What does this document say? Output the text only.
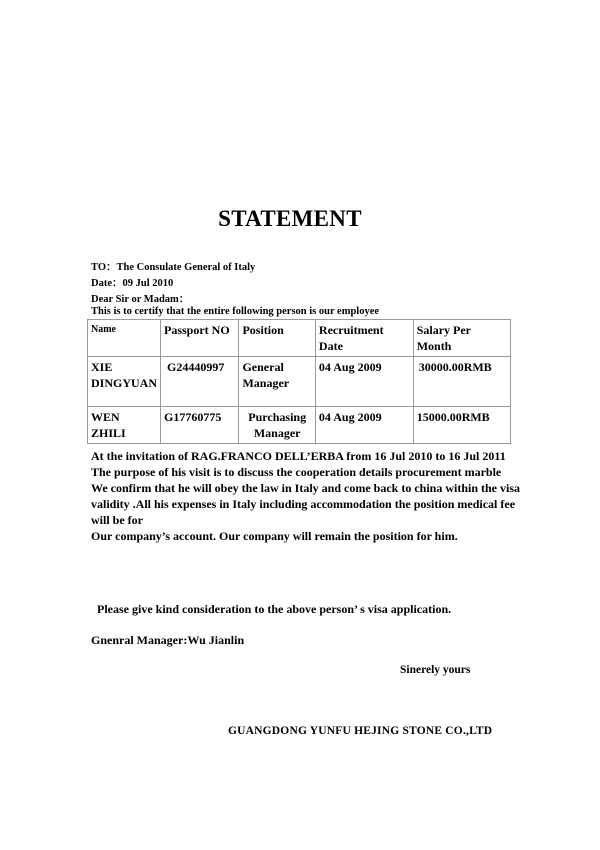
STATEMENT
TO：The Consulate General of Italy
Date：09 Jul 2010
Dear Sir or Madam：
This is to certify that the entire following person is our employee
Name	Passport NO	Position	Recruitment Date	Salary Per Month
XIE DINGYUAN	G24440997	General Manager	04 Aug 2009	30000.00RMB
WEN ZHILI	G17760775	Purchasing Manager	04 Aug 2009	15000.00RMB

At the invitation of RAG.FRANCO DELL’ERBA from 16 Jul 2010 to 16 Jul 2011

The purpose of his visit is to discuss the cooperation details procurement marble

We confirm that he will obey the law in Italy and come back to china within the visa validity .All his expenses in Italy including accommodation the position medical fee will be for

Our company’s account. Our company will remain the position for him.

Please give kind consideration to the above person’ s visa application.
Gnenral Manager:Wu Jianlin
Sinerely yours
GUANGDONG YUNFU HEJING STONE CO.,LTD
